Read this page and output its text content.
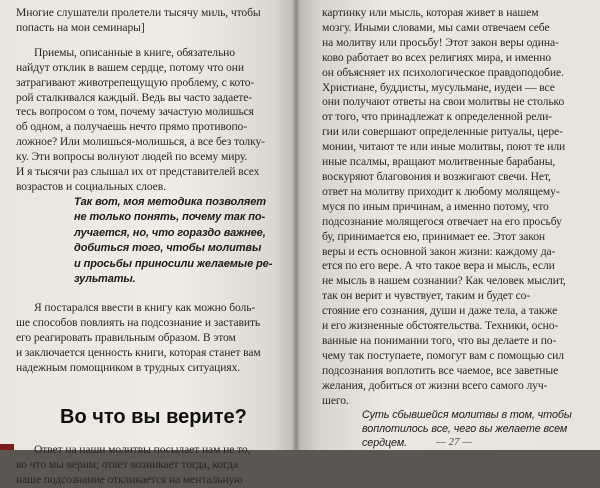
Многие слушатели пролетели тысячу миль, чтобы
попасть на мои семинары]
Приемы, описанные в книге, обязательно
найдут отклик в вашем сердце, потому что они
затрагивают животрепещущую проблему, с кото-
рой сталкивался каждый. Ведь вы часто задаете-
тесь вопросом о том, почему зачастую молишься
об одном, а получаешь нечто прямо противопо-
ложное? Или молишься-молишься, а все без толку-
ку. Эти вопросы волнуют людей по всему миру.
И я тысячи раз слышал их от представителей всех
возрастов и социальных слоев.
Так вот, моя методика позволяет
не только понять, почему так по-
лучается, но, что гораздо важнее,
добиться того, чтобы молитвы
и просьбы приносили желаемые ре-
зультаты.
Я постарался ввести в книгу как можно боль-
ше способов повлиять на подсознание и заставить
его реагировать правильным образом. В этом
и заключается ценность книги, которая станет вам
надежным помощником в трудных ситуациях.
Во что вы верите?
Ответ на наши молитвы посылает нам не то,
во что мы верим; ответ возникает тогда, когда
наше подсознание откликается на ментальную
картинку или мысль, которая живет в нашем
мозгу. Иными словами, мы сами отвечаем себе
на молитву или просьбу! Этот закон веры одина-
ково работает во всех религиях мира, и именно
он объясняет их психологическое правдоподобие.
Христиане, буддисты, мусульмане, иудеи — все
они получают ответы на свои молитвы не столько
от того, что принадлежат к определенной рели-
гии или совершают определенные ритуалы, цере-
монии, читают те или иные молитвы, поют те или
иные псалмы, вращают молитвенные барабаны,
воскуряют благовония и возжигают свечи. Нет,
ответ на молитву приходит к любому молящему-
муся по иным причинам, а именно потому, что
подсознание молящегося отвечает на его просьбу
бу, принимается ею, принимает ее. Этот закон
веры и есть основной закон жизни: каждому да-
ется по его вере. А что такое вера и мысль, если
не мысль в нашем сознании? Как человек мыслит,
так он верит и чувствует, таким и будет со-
стояние его сознания, души и даже тела, а также
и его жизненные обстоятельства. Техники, осно-
ванные на понимании того, что вы делаете и по-
чему так поступаете, помогут вам с помощью сил
подсознания воплотить все чаемое, все заветные
желания, добиться от жизни всего самого луч-
шего.
Суть сбывшейся молитвы в том, чтобы
воплотилось все, чего вы желаете всем
сердцем.	— 27 —
